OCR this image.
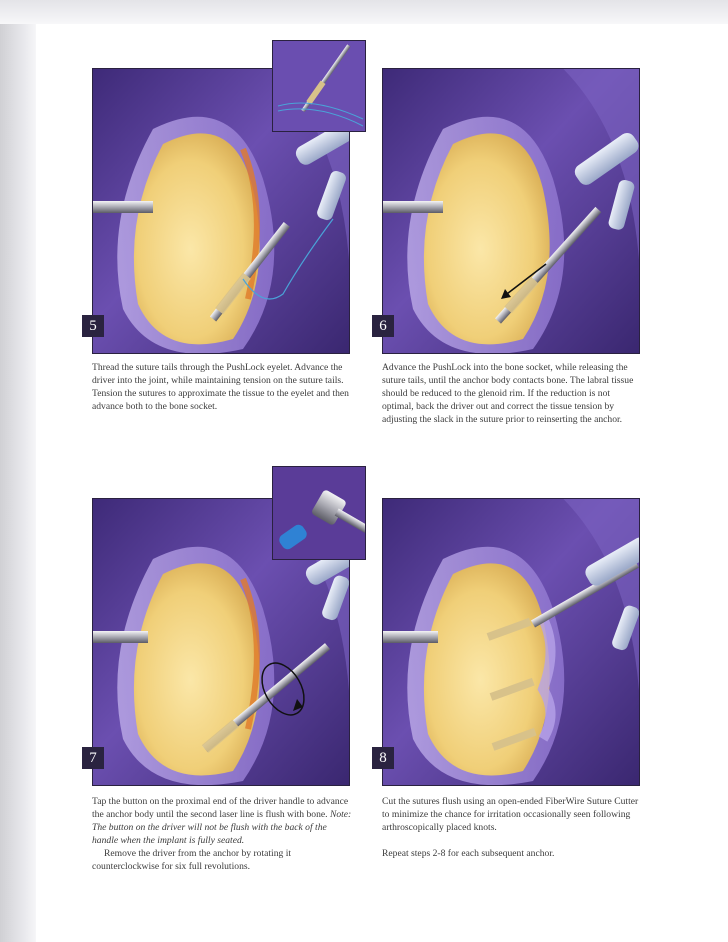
5

Thread the suture tails through the PushLock eyelet. Advance the driver into the joint, while maintaining tension on the suture tails. Tension the sutures to approximate the tissue to the eyelet and then advance both to the bone socket.

6

Advance the PushLock into the bone socket, while releasing the suture tails, until the anchor body contacts bone. The labral tissue should be reduced to the glenoid rim. If the reduction is not optimal, back the driver out and correct the tissue tension by adjusting the slack in the suture prior to reinserting the anchor.

7

Tap the button on the proximal end of the driver handle to advance the anchor body until the second laser line is flush with bone. Note: The button on the driver will not be flush with the back of the handle when the implant is fully seated.

Remove the driver from the anchor by rotating it counterclockwise for six full revolutions.

8

Cut the sutures flush using an open-ended FiberWire Suture Cutter to minimize the chance for irritation occasionally seen following arthroscopically placed knots.

Repeat steps 2-8 for each subsequent anchor.
